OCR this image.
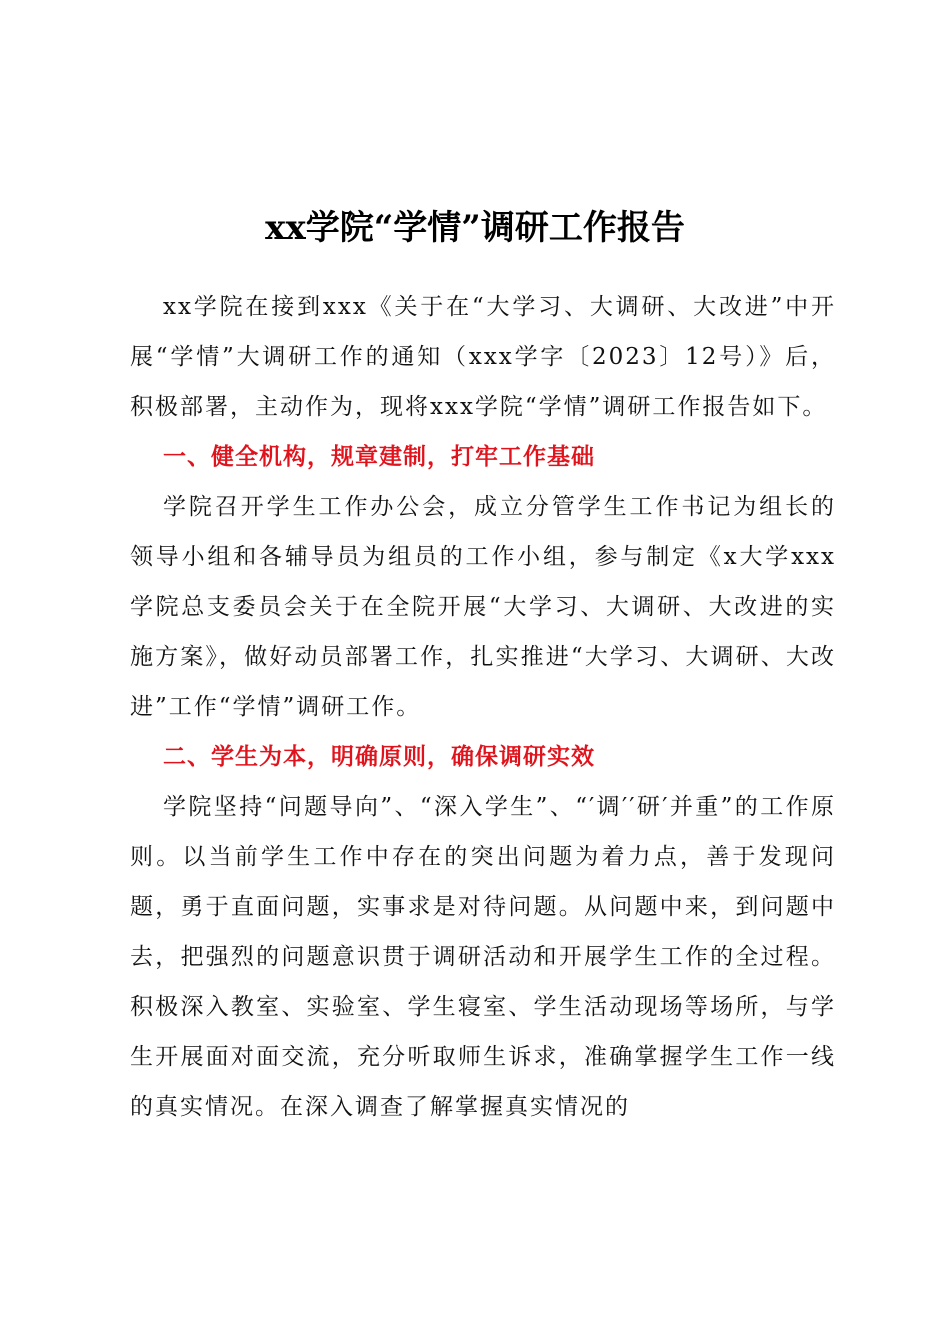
xx学院“学情”调研工作报告

xx学院在接到xxx《关于在“大学习、大调研、大改进”中开展“学情”大调研工作的通知（xxx学字〔2023〕12号）》后，积极部署，主动作为，现将xxx学院“学情”调研工作报告如下。

一、健全机构，规章建制，打牢工作基础

学院召开学生工作办公会，成立分管学生工作书记为组长的领导小组和各辅导员为组员的工作小组，参与制定《x大学xxx学院总支委员会关于在全院开展“大学习、大调研、大改进的实施方案》，做好动员部署工作，扎实推进“大学习、大调研、大改进”工作“学情”调研工作。

二、学生为本，明确原则，确保调研实效

学院坚持“问题导向”、“深入学生”、“′调′′研′并重”的工作原则。以当前学生工作中存在的突出问题为着力点，善于发现问题，勇于直面问题，实事求是对待问题。从问题中来，到问题中去，把强烈的问题意识贯于调研活动和开展学生工作的全过程。积极深入教室、实验室、学生寝室、学生活动现场等场所，与学生开展面对面交流，充分听取师生诉求，准确掌握学生工作一线的真实情况。在深入调查了解掌握真实情况的
